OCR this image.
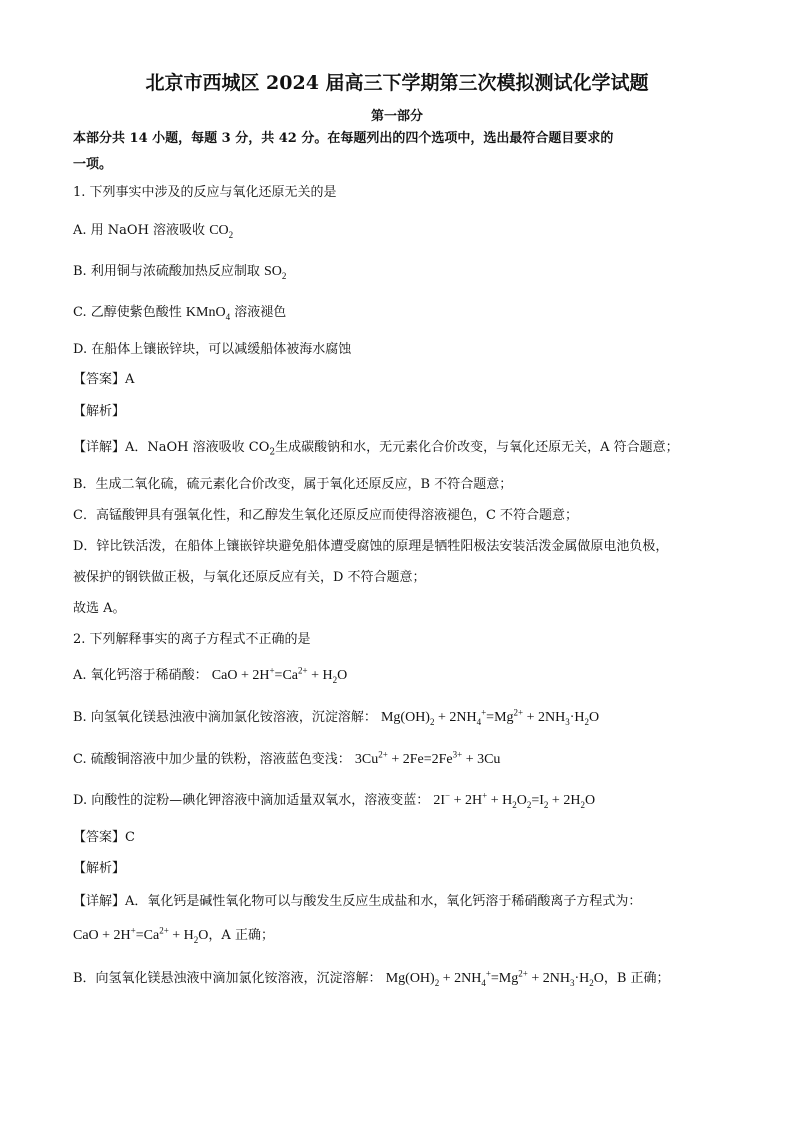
北京市西城区 2024 届高三下学期第三次模拟测试化学试题
第一部分
本部分共 14 小题，每题 3 分，共 42 分。在每题列出的四个选项中，选出最符合题目要求的
一项。
1. 下列事实中涉及的反应与氧化还原无关的是
A. 用 NaOH 溶液吸收 $CO_2$
B. 利用铜与浓硫酸加热反应制取 $SO_2$
C. 乙醇使紫色酸性 KMnO$_4$ 溶液褪色
D. 在船体上镶嵌锌块，可以减缓船体被海水腐蚀
【答案】A
【解析】
【详解】A．NaOH 溶液吸收 $CO_2$生成碳酸钠和水，无元素化合价改变，与氧化还原无关，A 符合题意；
B．生成二氧化硫，硫元素化合价改变，属于氧化还原反应，B 不符合题意；
C．高锰酸钾具有强氧化性，和乙醇发生氧化还原反应而使得溶液褪色，C 不符合题意；
D．锌比铁活泼，在船体上镶嵌锌块避免船体遭受腐蚀的原理是牺牲阳极法安装活泼金属做原电池负极，
被保护的钢铁做正极，与氧化还原反应有关，D 不符合题意；
故选 A。
2. 下列解释事实的离子方程式不正确的是
A. 氧化钙溶于稀硝酸： CaO + $2H^+=Ca^{2+} + H_2O$
B. 向氢氧化镁悬浊液中滴加氯化铵溶液，沉淀溶解： $Mg(OH)_2 + 2NH_4^+=Mg^{2+} + 2NH_3\cdot H_2O$
C. 硫酸铜溶液中加少量的铁粉，溶液蓝色变浅： $3Cu^{2+} + 2Fe=2Fe^{3+} + 3Cu$
D. 向酸性的淀粉—碘化钾溶液中滴加适量双氧水，溶液变蓝： $2I^- + 2H^+ + H_2O_2=I_2 + 2H_2O$
【答案】C
【解析】
【详解】A．氧化钙是碱性氧化物可以与酸发生反应生成盐和水，氧化钙溶于稀硝酸离子方程式为：
CaO + $2H^+=Ca^{2+} + H_2O$，A 正确；
B．向氢氧化镁悬浊液中滴加氯化铵溶液，沉淀溶解： $Mg(OH)_2 + 2NH_4^+=Mg^{2+} + 2NH_3\cdot H_2O$，B 正确；
